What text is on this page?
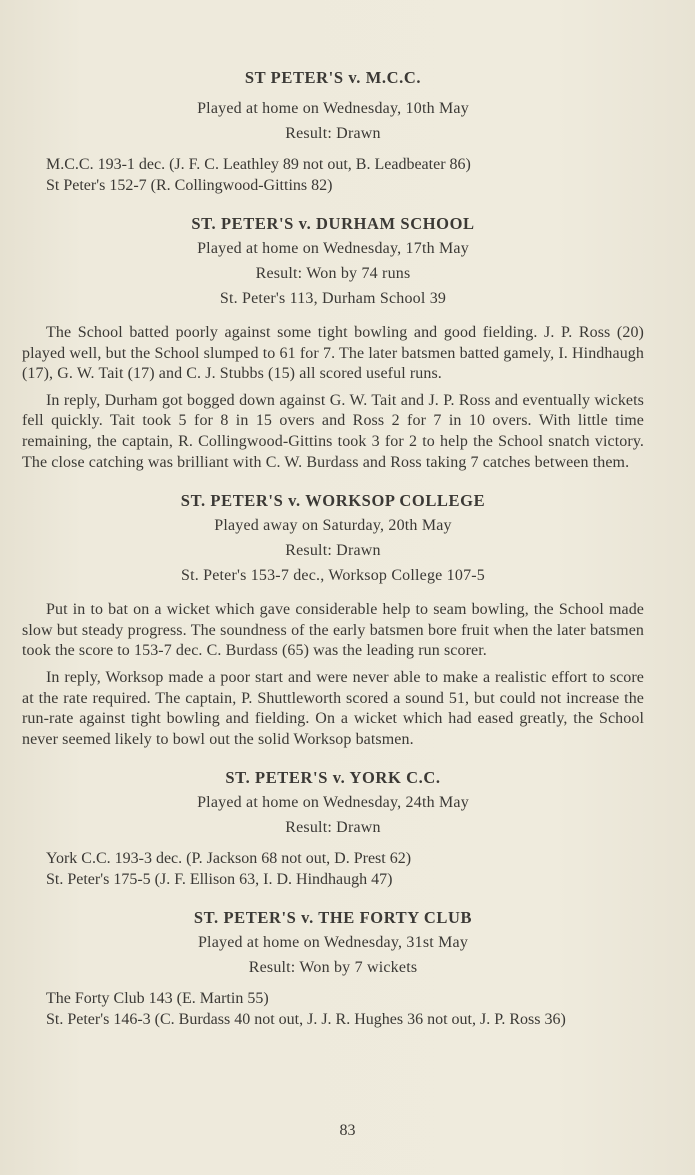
ST PETER'S v. M.C.C.

Played at home on Wednesday, 10th May

Result: Drawn

M.C.C. 193-1 dec. (J. F. C. Leathley 89 not out, B. Leadbeater 86)

St Peter's 152-7 (R. Collingwood-Gittins 82)

ST. PETER'S v. DURHAM SCHOOL

Played at home on Wednesday, 17th May

Result: Won by 74 runs

St. Peter's 113, Durham School 39

The School batted poorly against some tight bowling and good fielding. J. P. Ross (20) played well, but the School slumped to 61 for 7. The later batsmen batted gamely, I. Hindhaugh (17), G. W. Tait (17) and C. J. Stubbs (15) all scored useful runs.

In reply, Durham got bogged down against G. W. Tait and J. P. Ross and eventually wickets fell quickly. Tait took 5 for 8 in 15 overs and Ross 2 for 7 in 10 overs. With little time remaining, the captain, R. Collingwood-Gittins took 3 for 2 to help the School snatch victory. The close catching was brilliant with C. W. Burdass and Ross taking 7 catches between them.

ST. PETER'S v. WORKSOP COLLEGE

Played away on Saturday, 20th May

Result: Drawn

St. Peter's 153-7 dec., Worksop College 107-5

Put in to bat on a wicket which gave considerable help to seam bowling, the School made slow but steady progress. The soundness of the early batsmen bore fruit when the later batsmen took the score to 153-7 dec. C. Burdass (65) was the leading run scorer.

In reply, Worksop made a poor start and were never able to make a realistic effort to score at the rate required. The captain, P. Shuttleworth scored a sound 51, but could not increase the run-rate against tight bowling and fielding. On a wicket which had eased greatly, the School never seemed likely to bowl out the solid Worksop batsmen.

ST. PETER'S v. YORK C.C.

Played at home on Wednesday, 24th May

Result: Drawn

York C.C. 193-3 dec. (P. Jackson 68 not out, D. Prest 62)

St. Peter's 175-5 (J. F. Ellison 63, I. D. Hindhaugh 47)

ST. PETER'S v. THE FORTY CLUB

Played at home on Wednesday, 31st May

Result: Won by 7 wickets

The Forty Club 143 (E. Martin 55)

St. Peter's 146-3 (C. Burdass 40 not out, J. J. R. Hughes 36 not out, J. P. Ross 36)

83
